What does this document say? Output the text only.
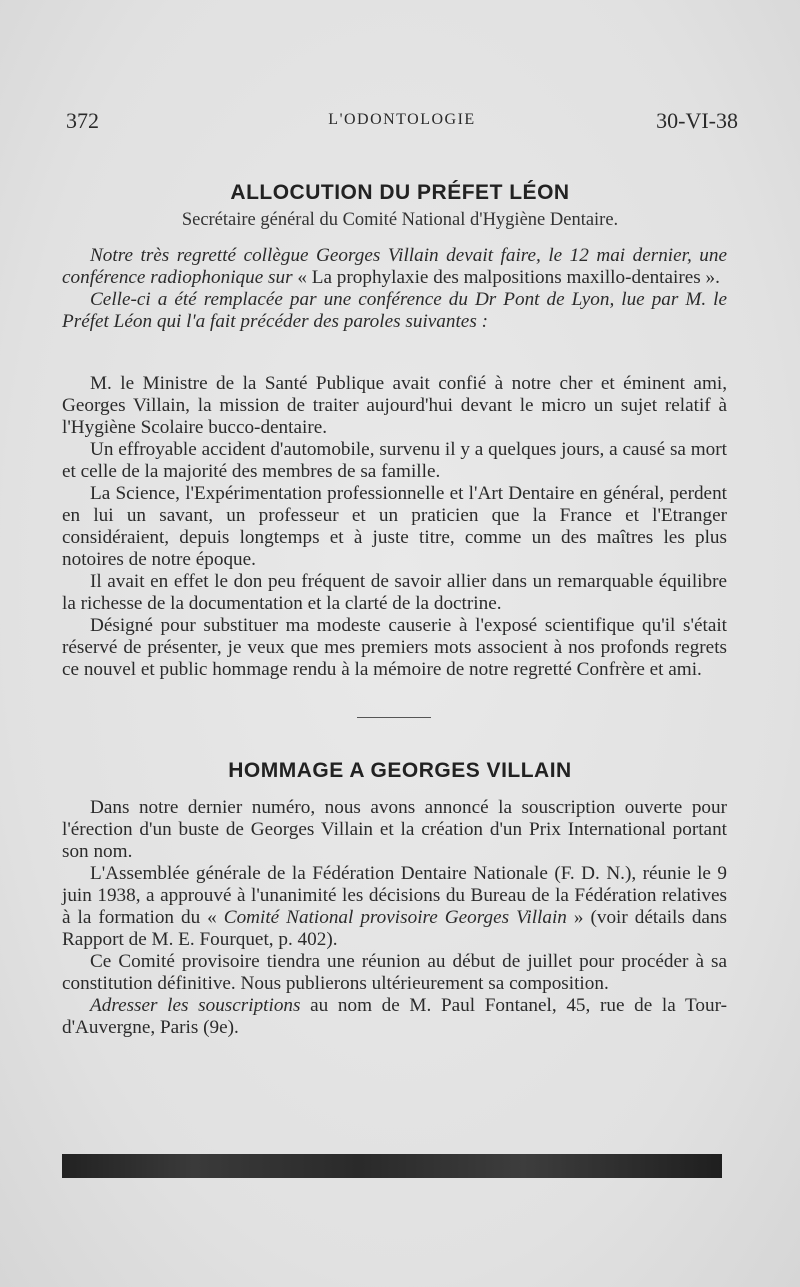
372	L'ODONTOLOGIE	30-VI-38
ALLOCUTION DU PRÉFET LÉON
Secrétaire général du Comité National d'Hygiène Dentaire.

Notre très regretté collègue Georges Villain devait faire, le 12 mai dernier, une conférence radiophonique sur « La prophylaxie des malpositions maxillo-dentaires ».

Celle-ci a été remplacée par une conférence du Dr Pont de Lyon, lue par M. le Préfet Léon qui l'a fait précéder des paroles suivantes :

M. le Ministre de la Santé Publique avait confié à notre cher et éminent ami, Georges Villain, la mission de traiter aujourd'hui devant le micro un sujet relatif à l'Hygiène Scolaire bucco-dentaire.

Un effroyable accident d'automobile, survenu il y a quelques jours, a causé sa mort et celle de la majorité des membres de sa famille.

La Science, l'Expérimentation professionnelle et l'Art Dentaire en général, perdent en lui un savant, un professeur et un praticien que la France et l'Etranger considéraient, depuis longtemps et à juste titre, comme un des maîtres les plus notoires de notre époque.

Il avait en effet le don peu fréquent de savoir allier dans un remarquable équilibre la richesse de la documentation et la clarté de la doctrine.

Désigné pour substituer ma modeste causerie à l'exposé scientifique qu'il s'était réservé de présenter, je veux que mes premiers mots associent à nos profonds regrets ce nouvel et public hommage rendu à la mémoire de notre regretté Confrère et ami.

HOMMAGE A GEORGES VILLAIN

Dans notre dernier numéro, nous avons annoncé la souscription ouverte pour l'érection d'un buste de Georges Villain et la création d'un Prix International portant son nom.

L'Assemblée générale de la Fédération Dentaire Nationale (F. D. N.), réunie le 9 juin 1938, a approuvé à l'unanimité les décisions du Bureau de la Fédération relatives à la formation du « Comité National provisoire Georges Villain » (voir détails dans Rapport de M. E. Fourquet, p. 402).

Ce Comité provisoire tiendra une réunion au début de juillet pour procéder à sa constitution définitive. Nous publierons ultérieurement sa composition.

Adresser les souscriptions au nom de M. Paul Fontanel, 45, rue de la Tour-d'Auvergne, Paris (9e).
